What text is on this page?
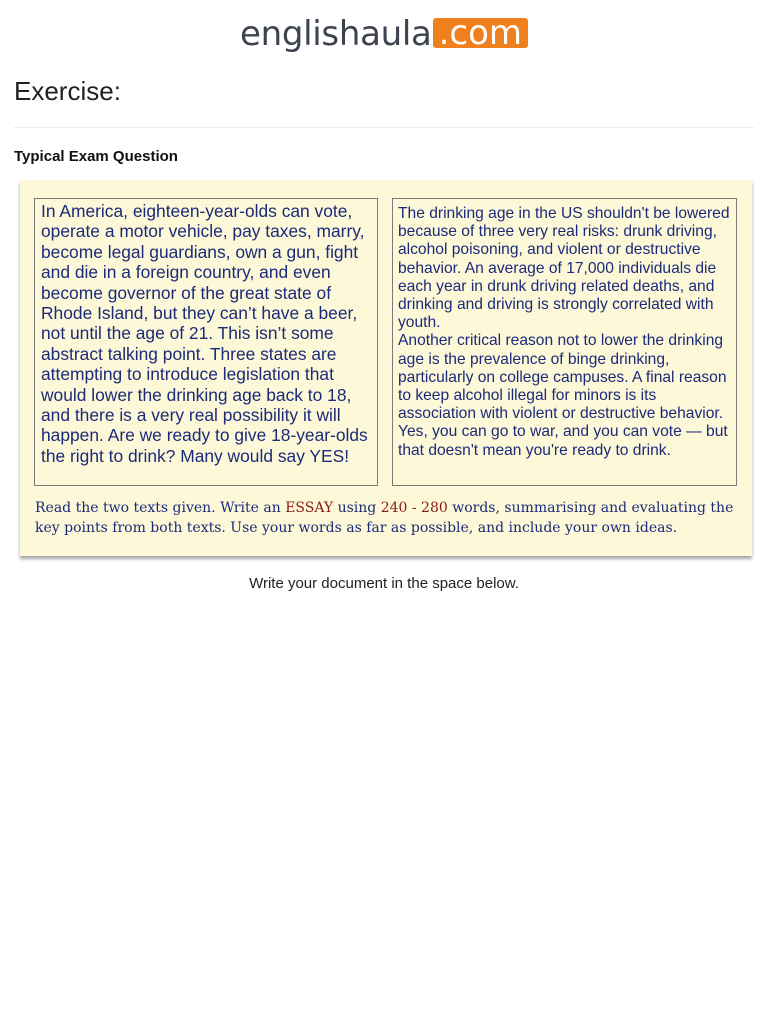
englishaula .com
Exercise:
Typical Exam Question

In America, eighteen-year-olds can vote, operate a motor vehicle, pay taxes, marry, become legal guardians, own a gun, fight and die in a foreign country, and even become governor of the great state of Rhode Island, but they can’t have a beer, not until the age of 21. This isn’t some abstract talking point. Three states are attempting to introduce legislation that would lower the drinking age back to 18, and there is a very real possibility it will happen. Are we ready to give 18-year-olds the right to drink? Many would say YES!

The drinking age in the US shouldn't be lowered because of three very real risks: drunk driving, alcohol poisoning, and violent or destructive behavior. An average of 17,000 individuals die each year in drunk driving related deaths, and drinking and driving is strongly correlated with youth.

Another critical reason not to lower the drinking age is the prevalence of binge drinking, particularly on college campuses. A final reason to keep alcohol illegal for minors is its association with violent or destructive behavior. Yes, you can go to war, and you can vote — but that doesn't mean you're ready to drink.

Read the two texts given. Write an ESSAY using 240 - 280 words, summarising and evaluating the key points from both texts. Use your words as far as possible, and include your own ideas.
Write your document in the space below.
